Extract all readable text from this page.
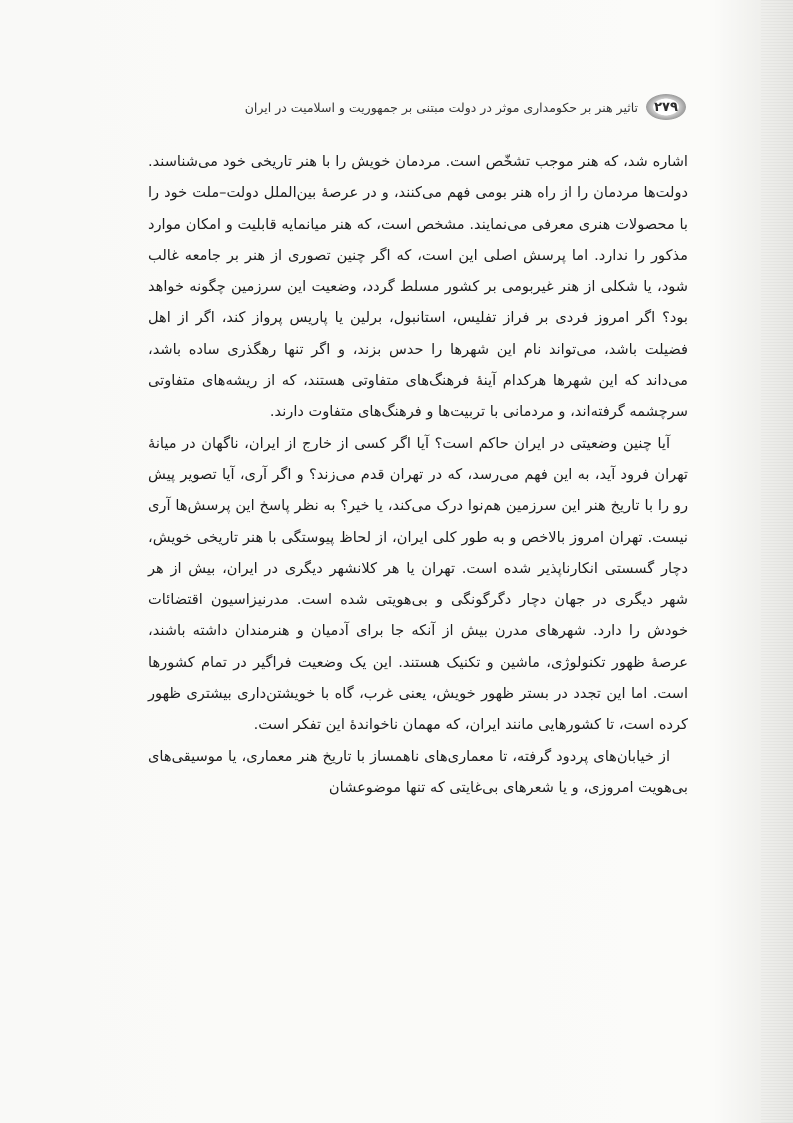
۲۷۹
تاثیر هنر بر حکومداری موثر در دولت مبتنی بر جمهوریت و اسلامیت در ایران

اشاره شد، که هنر موجب تشخّص است. مردمان خویش را با هنر تاریخی خود می‌شناسند. دولت‌ها مردمان را از راه هنر بومی فهم می‌کنند، و در عرصهٔ بین‌الملل دولت–ملت خود را با محصولات هنری معرفی می‌نمایند. مشخص است، که هنر میانمایه قابلیت و امکان موارد مذکور را ندارد. اما پرسش اصلی این است، که اگر چنین تصوری از هنر بر جامعه غالب شود، یا شکلی از هنر غیربومی بر کشور مسلط گردد، وضعیت این سرزمین چگونه خواهد بود؟ اگر امروز فردی بر فراز تفلیس، استانبول، برلین یا پاریس پرواز کند، اگر از اهل فضیلت باشد، می‌تواند نام این شهرها را حدس بزند، و اگر تنها رهگذری ساده باشد، می‌داند که این شهرها هرکدام آینهٔ فرهنگ‌های متفاوتی هستند، که از ریشه‌های متفاوتی سرچشمه گرفته‌اند، و مردمانی با تربیت‌ها و فرهنگ‌های متفاوت دارند.

آیا چنین وضعیتی در ایران حاکم است؟ آیا اگر کسی از خارج از ایران، ناگهان در میانهٔ تهران فرود آید، به این فهم می‌رسد، که در تهران قدم می‌زند؟ و اگر آری، آیا تصویر پیش رو را با تاریخ هنر این سرزمین هم‌نوا درک می‌کند، یا خیر؟ به نظر پاسخ این پرسش‌ها آری نیست. تهران امروز بالاخص و به طور کلی ایران، از لحاظ پیوستگی با هنر تاریخی خویش، دچار گسستی انکارناپذیر شده است. تهران یا هر کلانشهر دیگری در ایران، بیش از هر شهر دیگری در جهان دچار دگرگونگی و بی‌هویتی شده است. مدرنیزاسیون اقتضائات خودش را دارد. شهرهای مدرن بیش از آنکه جا برای آدمیان و هنرمندان داشته باشند، عرصهٔ ظهور تکنولوژی، ماشین و تکنیک هستند. این یک وضعیت فراگیر در تمام کشورها است. اما این تجدد در بستر ظهور خویش، یعنی غرب، گاه با خویشتن‌داری بیشتری ظهور کرده است، تا کشورهایی مانند ایران، که مهمان ناخواندهٔ این تفکر است.

از خیابان‌های پردود گرفته، تا معماری‌های ناهمساز با تاریخ هنر معماری، یا موسیقی‌های بی‌هویت امروزی، و یا شعرهای بی‌غایتی که تنها موضوعشان
